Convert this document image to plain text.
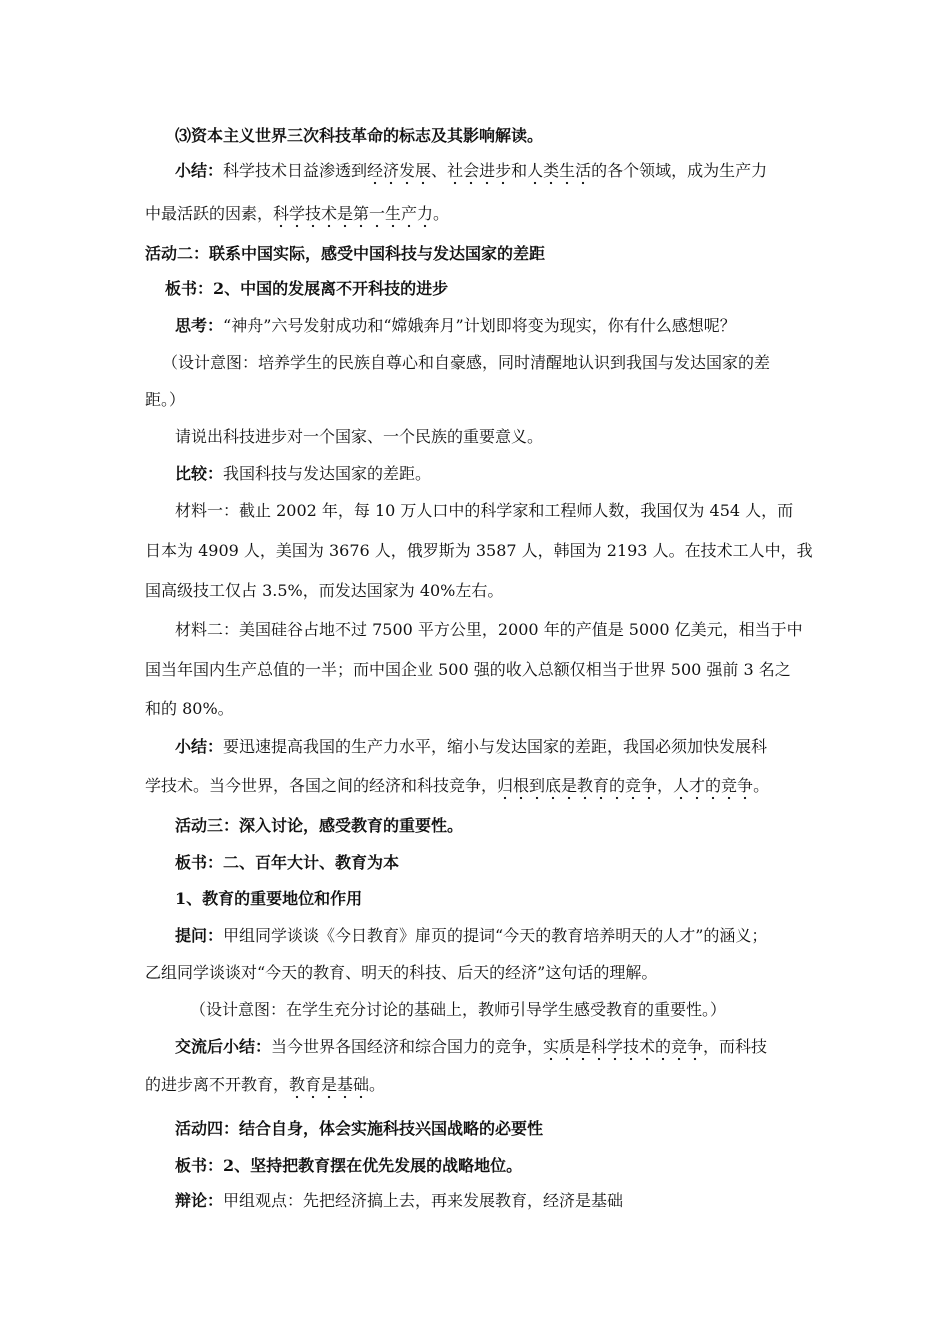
⑶资本主义世界三次科技革命的标志及其影响解读。
小结：科学技术日益渗透到经济发展、社会进步和人类生活的各个领域，成为生产力
中最活跃的因素，科学技术是第一生产力。
活动二：联系中国实际，感受中国科技与发达国家的差距
板书：2、中国的发展离不开科技的进步
思考：“神舟”六号发射成功和“嫦娥奔月”计划即将变为现实，你有什么感想呢？
（设计意图：培养学生的民族自尊心和自豪感，同时清醒地认识到我国与发达国家的差
距。）
请说出科技进步对一个国家、一个民族的重要意义。
比较：我国科技与发达国家的差距。
材料一：截止 2002 年，每 10 万人口中的科学家和工程师人数，我国仅为 454 人，而
日本为 4909 人，美国为 3676 人，俄罗斯为 3587 人，韩国为 2193 人。在技术工人中，我
国高级技工仅占 3.5%，而发达国家为 40%左右。
材料二：美国硅谷占地不过 7500 平方公里，2000 年的产值是 5000 亿美元，相当于中
国当年国内生产总值的一半；而中国企业 500 强的收入总额仅相当于世界 500 强前 3 名之
和的 80%。
小结：要迅速提高我国的生产力水平，缩小与发达国家的差距，我国必须加快发展科
学技术。当今世界，各国之间的经济和科技竞争，归根到底是教育的竞争，人才的竞争。
活动三：深入讨论，感受教育的重要性。
板书：二、百年大计、教育为本
1、教育的重要地位和作用
提问：甲组同学谈谈《今日教育》扉页的提词“今天的教育培养明天的人才”的涵义；
乙组同学谈谈对“今天的教育、明天的科技、后天的经济”这句话的理解。
（设计意图：在学生充分讨论的基础上，教师引导学生感受教育的重要性。）
交流后小结：当今世界各国经济和综合国力的竞争，实质是科学技术的竞争，而科技
的进步离不开教育，教育是基础。
活动四：结合自身，体会实施科技兴国战略的必要性
板书：2、坚持把教育摆在优先发展的战略地位。
辩论：甲组观点：先把经济搞上去，再来发展教育，经济是基础
